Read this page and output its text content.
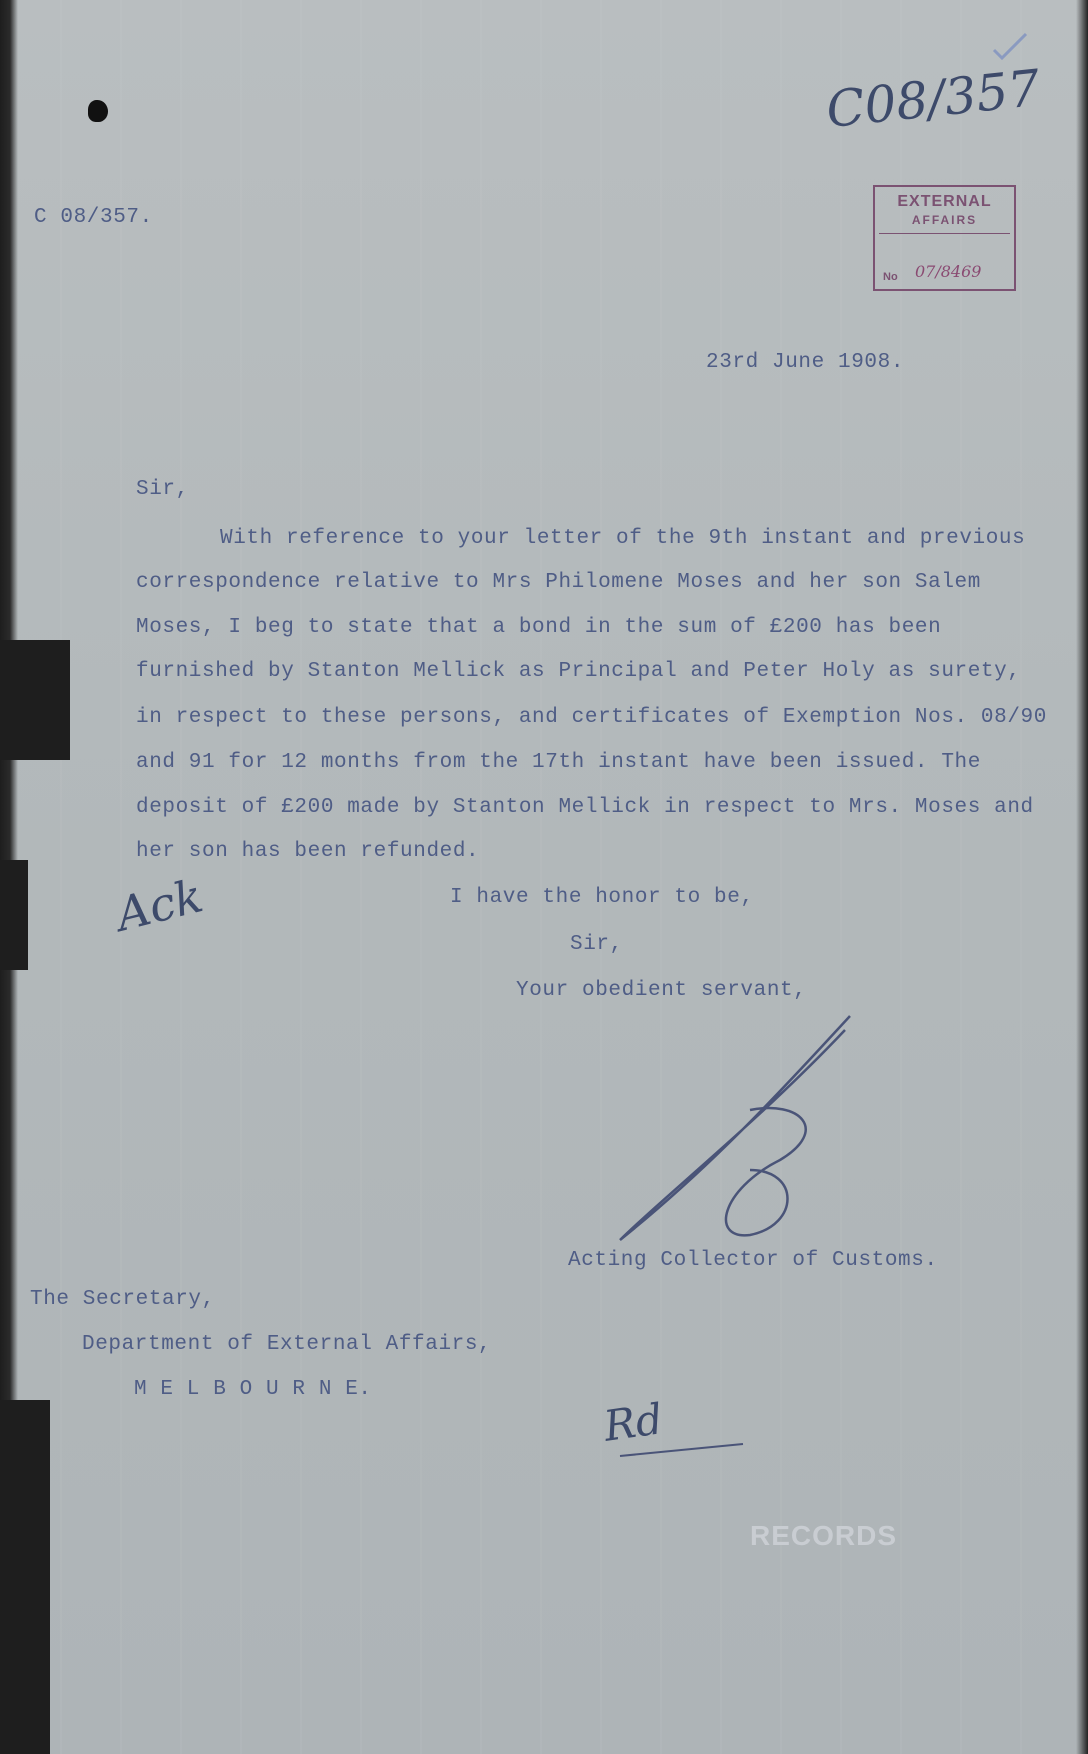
C08/357
EXTERNAL
AFFAIRS
No 07/8469
C 08/357.
23rd June 1908.
Sir,
With reference to your letter of the 9th instant and previous
correspondence relative to Mrs Philomene Moses and her son Salem
Moses, I beg to state that a bond in the sum of £200 has been
furnished by Stanton Mellick as Principal and Peter Holy as surety,
in respect to these persons, and certificates of Exemption Nos. 08/90
and 91 for 12 months from the 17th instant have been issued. The
deposit of £200 made by Stanton Mellick in respect to Mrs. Moses and
her son has been refunded.
Ack	I have the honor to be,
Sir,
Your obedient servant,
Acting Collector of Customs.
The Secretary,
Department of External Affairs,
M E L B O U R N E.
Rd
RECORDS
